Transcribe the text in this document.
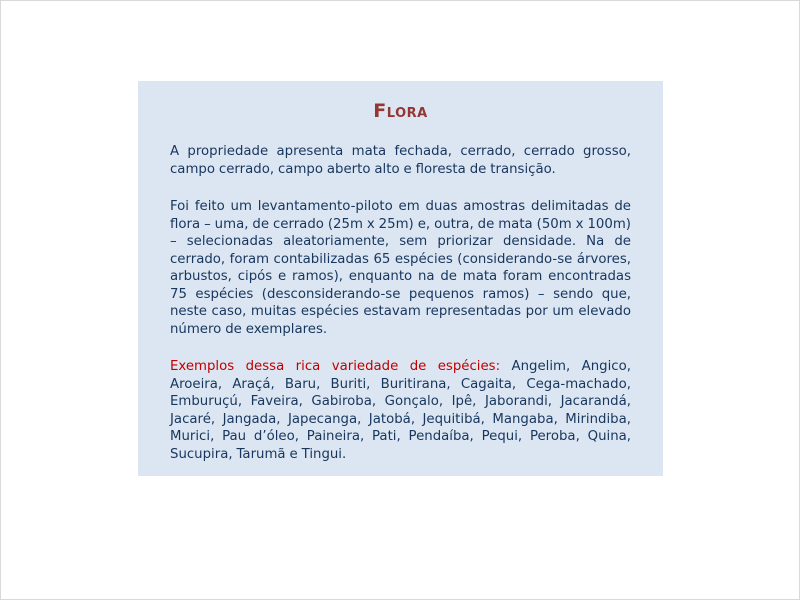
Flora

A propriedade apresenta mata fechada, cerrado, cerrado grosso, campo cerrado, campo aberto alto e floresta de transição.

Foi feito um levantamento-piloto em duas amostras delimitadas de flora – uma, de cerrado (25m x 25m) e, outra, de mata (50m x 100m) – selecionadas aleatoriamente, sem priorizar densidade. Na de cerrado, foram contabilizadas 65 espécies (considerando-se árvores, arbustos, cipós e ramos), enquanto na de mata foram encontradas 75 espécies (desconsiderando-se pequenos ramos) – sendo que, neste caso, muitas espécies estavam representadas por um elevado número de exemplares.

Exemplos dessa rica variedade de espécies: Angelim, Angico, Aroeira, Araçá, Baru, Buriti, Buritirana, Cagaita, Cega-machado, Emburuçú, Faveira, Gabiroba, Gonçalo, Ipê, Jaborandi, Jacarandá, Jacaré, Jangada, Japecanga, Jatobá, Jequitibá, Mangaba, Mirindiba, Murici, Pau d’óleo, Paineira, Pati, Pendaíba, Pequi, Peroba, Quina, Sucupira, Tarumã e Tingui.
